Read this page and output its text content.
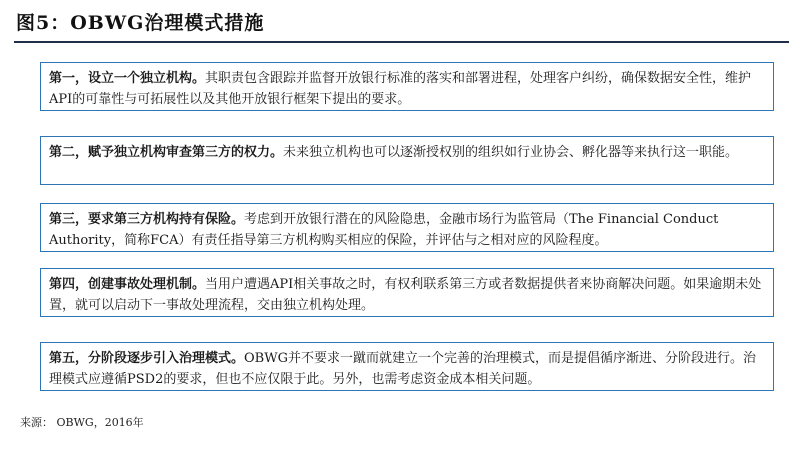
图5：OBWG治理模式措施
第一，设立一个独立机构。其职责包含跟踪并监督开放银行标准的落实和部署进程，处理客户纠纷，确保数据安全性，维护API的可靠性与可拓展性以及其他开放银行框架下提出的要求。
第二，赋予独立机构审查第三方的权力。未来独立机构也可以逐渐授权别的组织如行业协会、孵化器等来执行这一职能。
第三，要求第三方机构持有保险。考虑到开放银行潜在的风险隐患，金融市场行为监管局（The Financial Conduct Authority，简称FCA）有责任指导第三方机构购买相应的保险，并评估与之相对应的风险程度。
第四，创建事故处理机制。当用户遭遇API相关事故之时，有权利联系第三方或者数据提供者来协商解决问题。如果逾期未处置，就可以启动下一事故处理流程，交由独立机构处理。
第五，分阶段逐步引入治理模式。OBWG并不要求一蹴而就建立一个完善的治理模式，而是提倡循序渐进、分阶段进行。治理模式应遵循PSD2的要求，但也不应仅限于此。另外，也需考虑资金成本相关问题。
来源： OBWG，2016年
